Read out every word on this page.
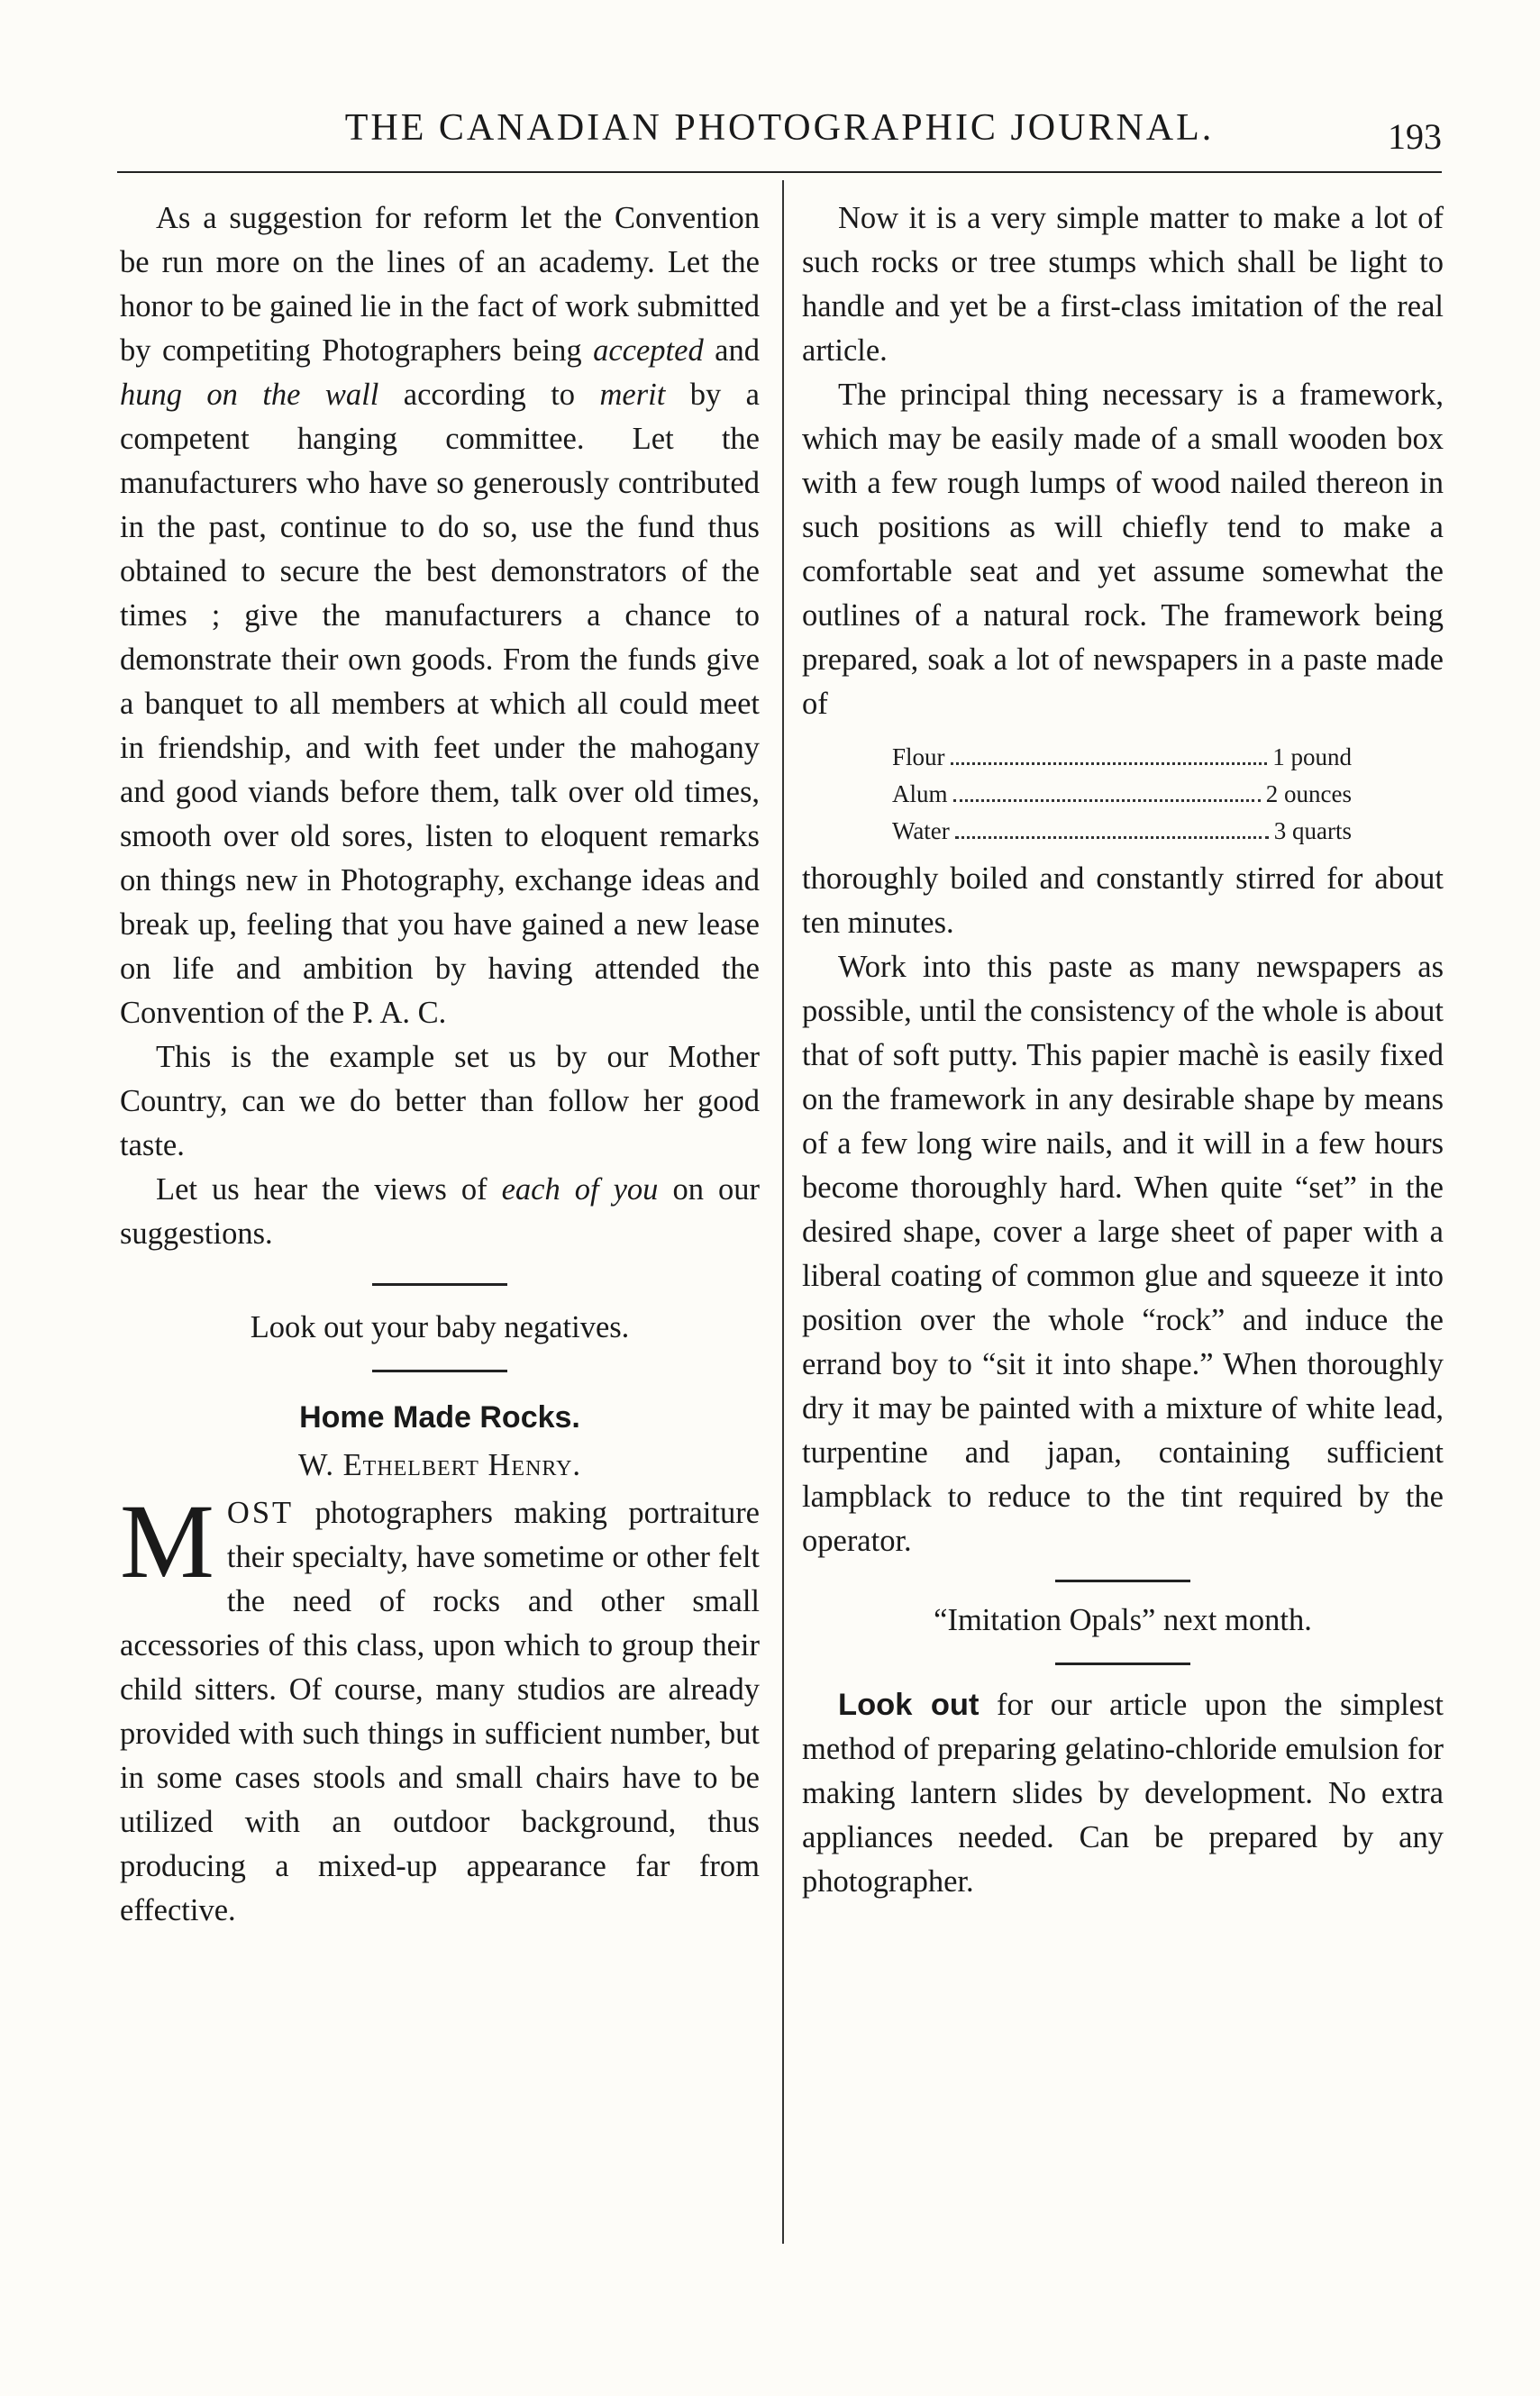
THE CANADIAN PHOTOGRAPHIC JOURNAL.	193

As a suggestion for reform let the Convention be run more on the lines of an academy. Let the honor to be gained lie in the fact of work submitted by competiting Photographers being accepted and hung on the wall according to merit by a competent hanging committee. Let the manufacturers who have so generously contributed in the past, continue to do so, use the fund thus obtained to secure the best demonstrators of the times ; give the manufacturers a chance to demonstrate their own goods. From the funds give a banquet to all members at which all could meet in friendship, and with feet under the mahogany and good viands before them, talk over old times, smooth over old sores, listen to eloquent remarks on things new in Photography, exchange ideas and break up, feeling that you have gained a new lease on life and ambition by having attended the Convention of the P. A. C.

This is the example set us by our Mother Country, can we do better than follow her good taste.

Let us hear the views of each of you on our suggestions.

Look out your baby negatives.

Home Made Rocks.

W. Ethelbert Henry.

MOST photographers making portraiture their specialty, have sometime or other felt the need of rocks and other small accessories of this class, upon which to group their child sitters. Of course, many studios are already provided with such things in sufficient number, but in some cases stools and small chairs have to be utilized with an outdoor background, thus producing a mixed-up appearance far from effective.

Now it is a very simple matter to make a lot of such rocks or tree stumps which shall be light to handle and yet be a first-class imitation of the real article.

The principal thing necessary is a framework, which may be easily made of a small wooden box with a few rough lumps of wood nailed thereon in such positions as will chiefly tend to make a comfortable seat and yet assume somewhat the outlines of a natural rock. The framework being prepared, soak a lot of newspapers in a paste made of

Flour	1 pound
Alum	2 ounces
Water	3 quarts

thoroughly boiled and constantly stirred for about ten minutes.

Work into this paste as many newspapers as possible, until the consistency of the whole is about that of soft putty. This papier machè is easily fixed on the framework in any desirable shape by means of a few long wire nails, and it will in a few hours become thoroughly hard. When quite “set” in the desired shape, cover a large sheet of paper with a liberal coating of common glue and squeeze it into position over the whole “rock” and induce the errand boy to “sit it into shape.” When thoroughly dry it may be painted with a mixture of white lead, turpentine and japan, containing sufficient lampblack to reduce to the tint required by the operator.

“Imitation Opals” next month.

Look out for our article upon the simplest method of preparing gelatino-chloride emulsion for making lantern slides by development. No extra appliances needed. Can be prepared by any photographer.
